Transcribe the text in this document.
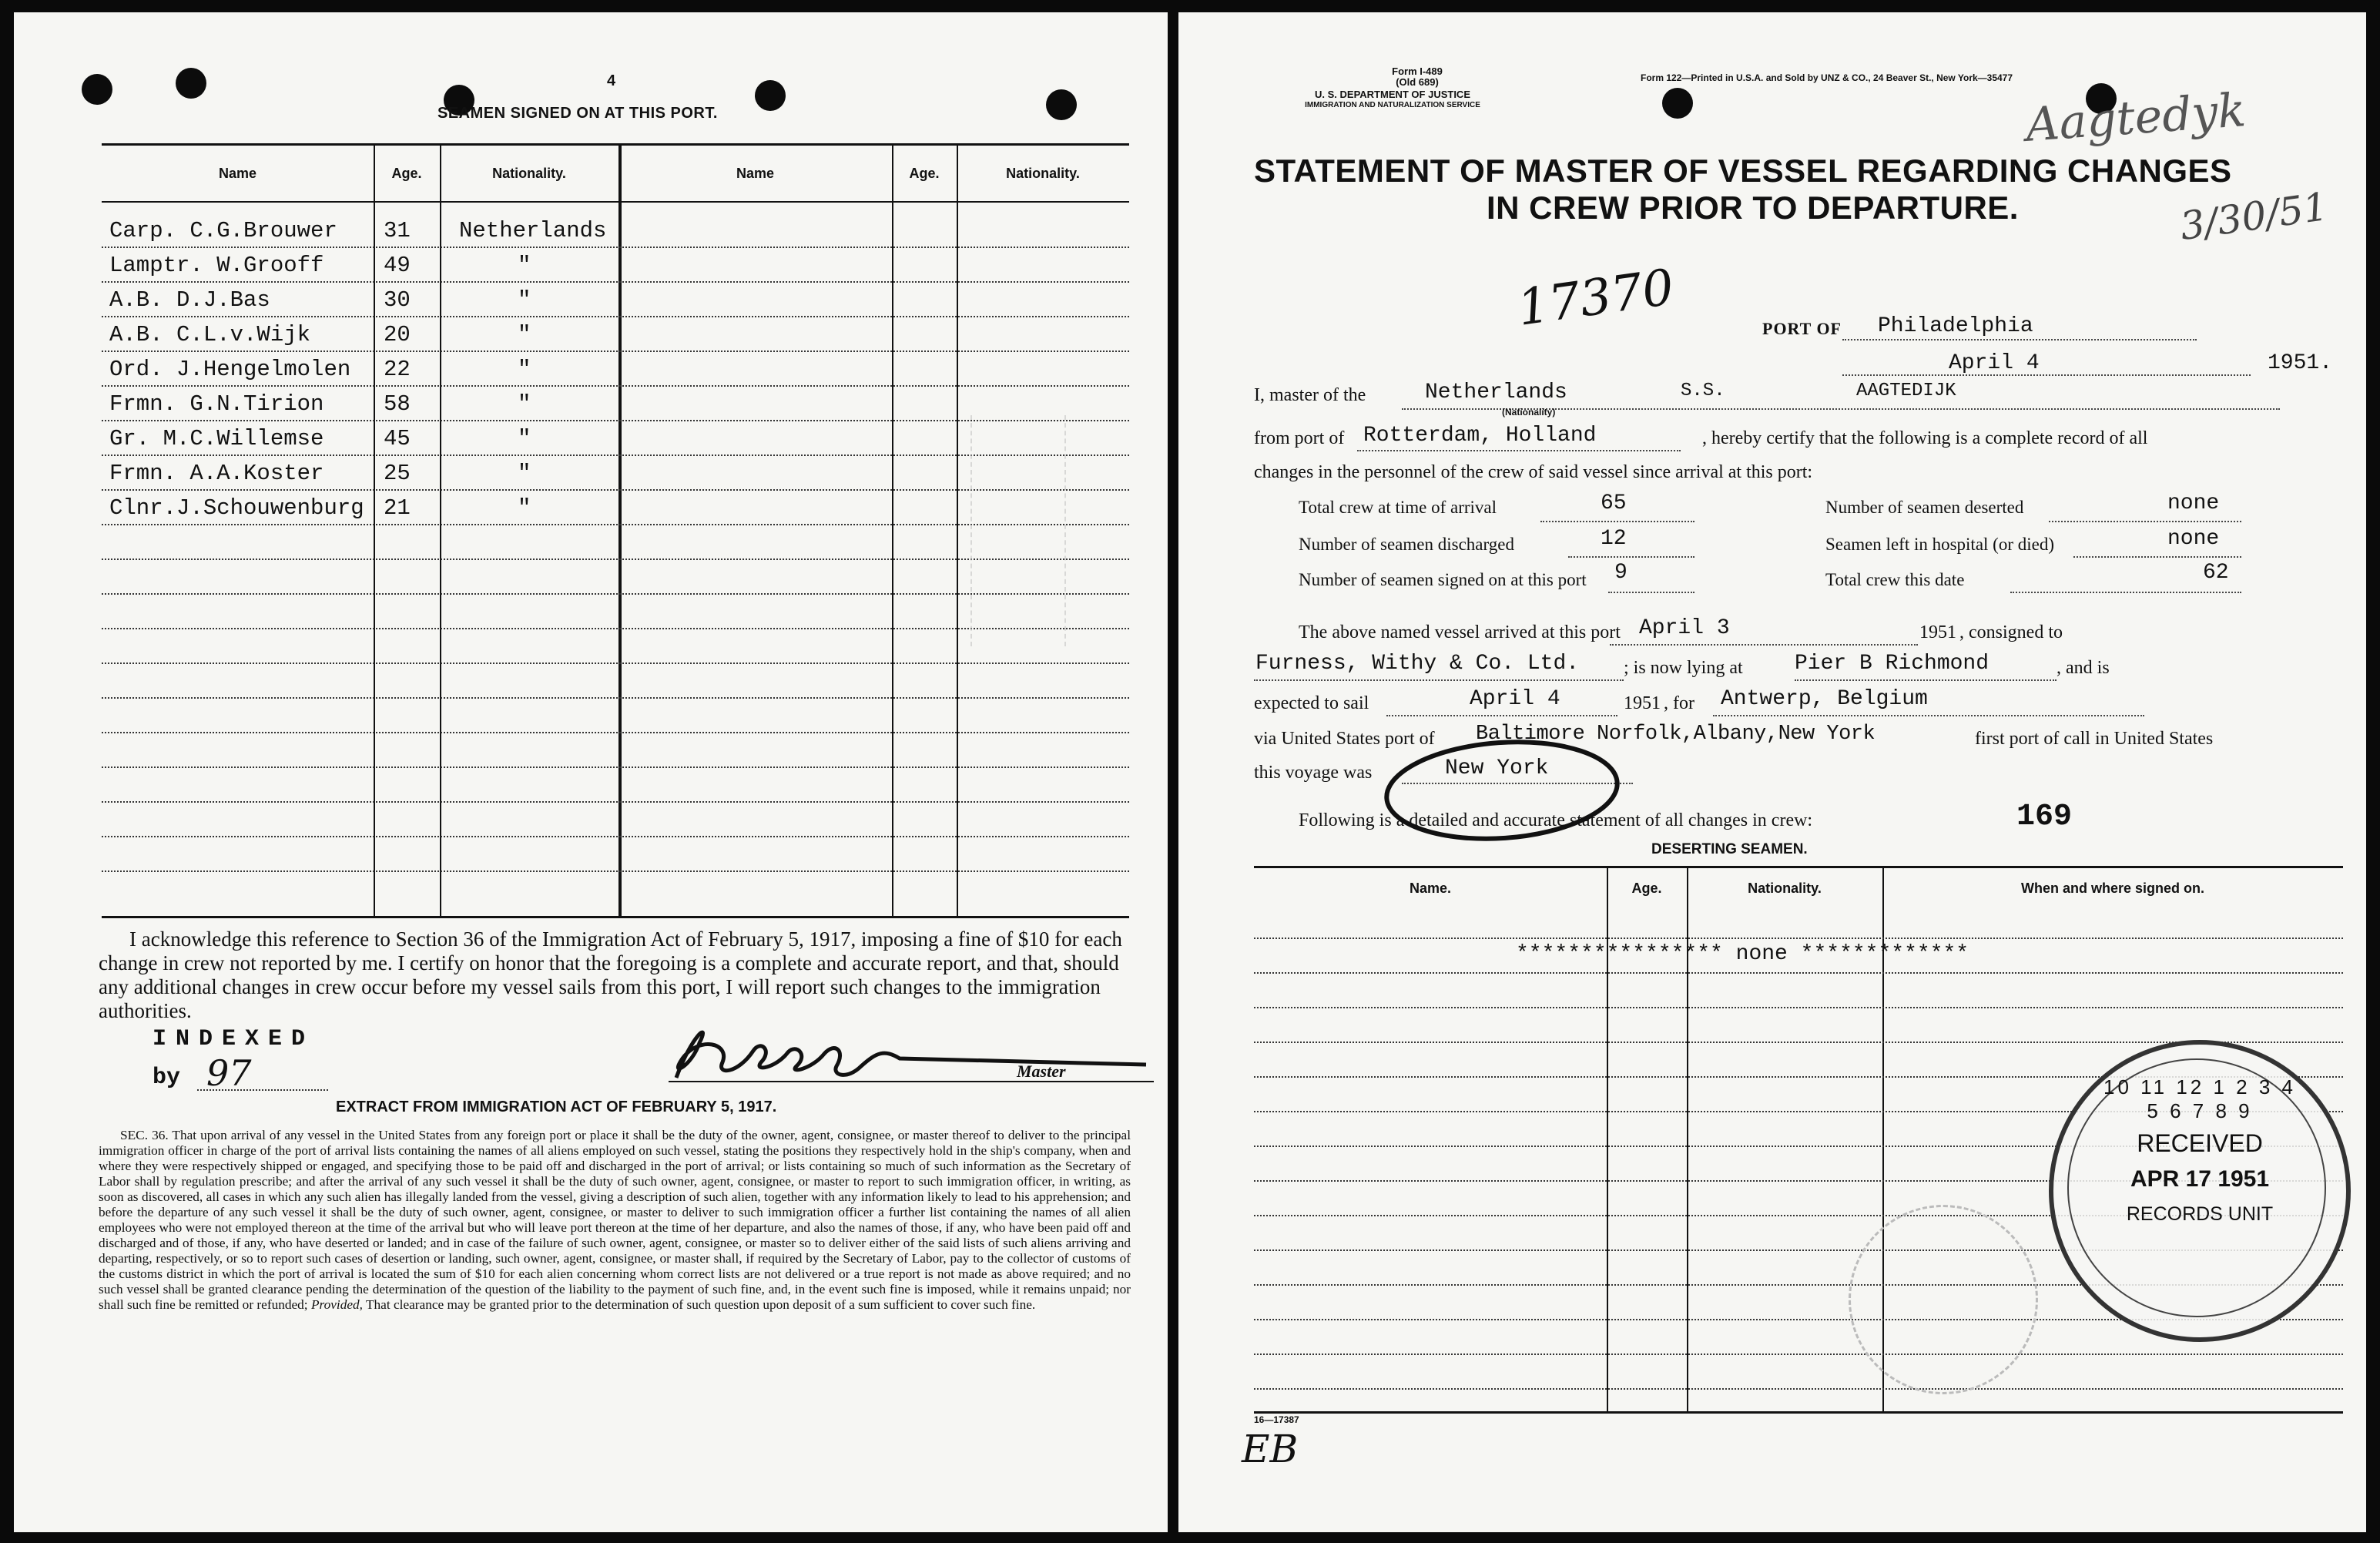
4
SEAMEN SIGNED ON AT THIS PORT.
Name	Age.	Nationality.	Name	Age.	Nationality.
Carp. C.G.Brouwer 31 Netherlands
Lamptr. W.Grooff	49	"
A.B. D.J.Bas	30	"
A.B. C.L.v.Wijk	20	"
Ord. J.Hengelmolen 22	"
Frmn. G.N.Tirion	58	"
Gr. M.C.Willemse	45	"
Frmn. A.A.Koster	25	"
Clnr.J.Schouwenburg 21	"
I acknowledge this reference to Section 36 of the Immigration Act of February 5, 1917, imposing a fine of $10 for each change in crew not reported by me. I certify on honor that the foregoing is a complete and accurate report, and that, should any additional changes in crew occur before my vessel sails from this port, I will report such changes to the immigration authorities.
INDEXED
by 97	Master
EXTRACT FROM IMMIGRATION ACT OF FEBRUARY 5, 1917.
SEC. 36. That upon arrival of any vessel in the United States from any foreign port or place it shall be the duty of the owner, agent, consignee, or master thereof to deliver to the principal immigration officer in charge of the port of arrival lists containing the names of all aliens employed on such vessel, stating the positions they respectively hold in the ship's company, when and where they were respectively shipped or engaged, and specifying those to be paid off and discharged in the port of arrival; or lists containing so much of such information as the Secretary of Labor shall by regulation prescribe; and after the arrival of any such vessel it shall be the duty of such owner, agent, consignee, or master to report to such immigration officer, in writing, as soon as discovered, all cases in which any such alien has illegally landed from the vessel, giving a description of such alien, together with any information likely to lead to his apprehension; and before the departure of any such vessel it shall be the duty of such owner, agent, consignee, or master to deliver to such immigration officer a further list containing the names of all alien employees who were not employed thereon at the time of the arrival but who will leave port thereon at the time of her departure, and also the names of those, if any, who have been paid off and discharged and of those, if any, who have deserted or landed; and in case of the failure of such owner, agent, consignee, or master so to deliver either of the said lists of such aliens arriving and departing, respectively, or so to report such cases of desertion or landing, such owner, agent, consignee, or master shall, if required by the Secretary of Labor, pay to the collector of customs of the customs district in which the port of arrival is located the sum of $10 for each alien concerning whom correct lists are not delivered or a true report is not made as above required; and no such vessel shall be granted clearance pending the determination of the question of the liability to the payment of such fine, and, in the event such fine is imposed, while it remains unpaid; nor shall such fine be remitted or refunded; Provided, That clearance may be granted prior to the determination of such question upon deposit of a sum sufficient to cover such fine.
Form I-489
(Old 689)
U. S. DEPARTMENT OF JUSTICE
IMMIGRATION AND NATURALIZATION SERVICE
Form 122—Printed in U.S.A. and Sold by UNZ & CO., 24 Beaver St., New York—35477
Aagtedyk
3/30/51
STATEMENT OF MASTER OF VESSEL REGARDING CHANGES
IN CREW PRIOR TO DEPARTURE.
17370	PORT OF Philadelphia
April 4	1951.
I, master of the	Netherlands
(Nationality)
S.S.	AAGTEDIJK
from port of Rotterdam, Holland	, hereby certify that the following is a complete record of all
changes in the personnel of the crew of said vessel since arrival at this port:
Total crew at time of arrival	65	Number of seamen deserted	none
Number of seamen discharged	12	Seamen left in hospital (or died)	none
Number of seamen signed on at this port 9	Total crew this date	62
The above named vessel arrived at this port April 3	1951 , consigned to
Furness, Withy & Co. Ltd. ; is now lying at Pier B Richmond	, and is
expected to sail	April 4	1951 , for Antwerp, Belgium
via United States port of Baltimore Norfolk,Albany,New York	first port of call in United States
this voyage was	New York
Following is a detailed and accurate statement of all changes in crew:	169
DESERTING SEAMEN.
Name.	Age.	Nationality.	When and where signed on.
**************** none *************
10 11 12 1 2 3 4 5 6 7 8 9
RECEIVED
APR 17 1951
RECORDS UNIT
16—17387
EB
